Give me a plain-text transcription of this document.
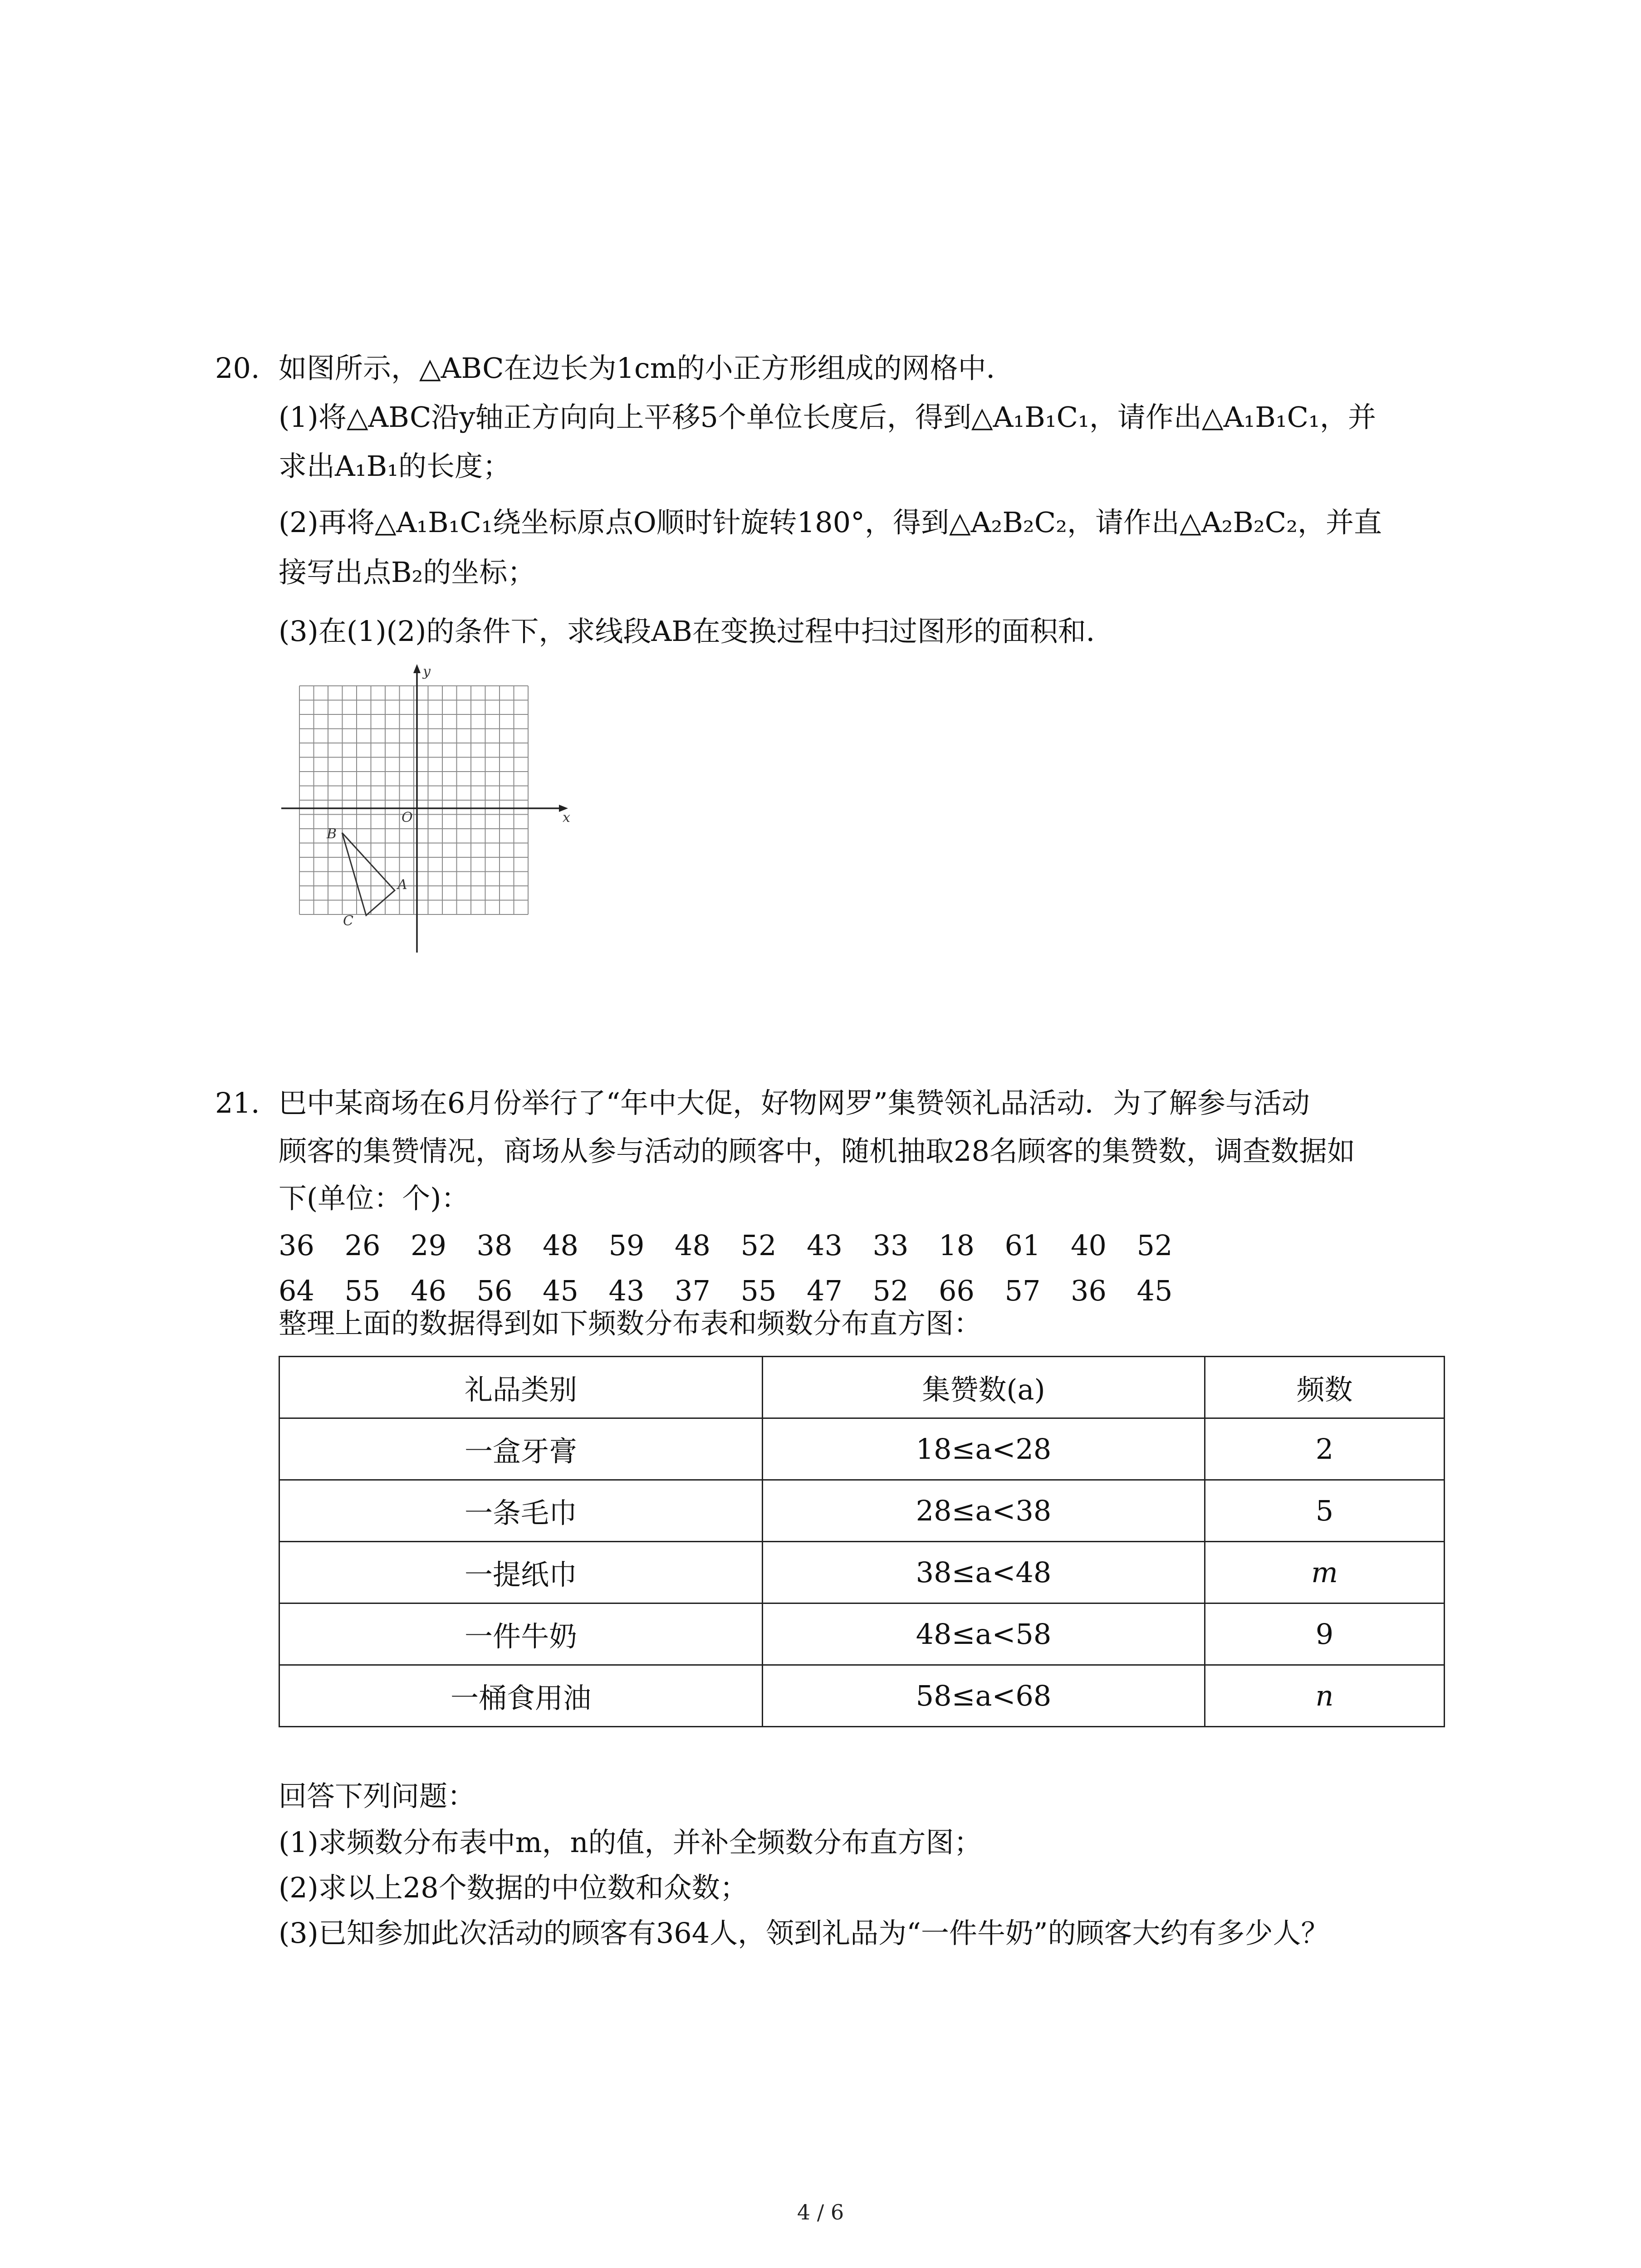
20. 如图所示，△ABC在边长为1cm的小正方形组成的网格中．
(1)将△ABC沿y轴正方向向上平移5个单位长度后，得到△A₁B₁C₁，请作出△A₁B₁C₁，并
求出A₁B₁的长度；
(2)再将△A₁B₁C₁绕坐标原点O顺时针旋转180°，得到△A₂B₂C₂，请作出△A₂B₂C₂，并直
接写出点B₂的坐标；
(3)在(1)(2)的条件下，求线段AB在变换过程中扫过图形的面积和．
y
x
O
A
B
C
21. 巴中某商场在6月份举行了“年中大促，好物网罗”集赞领礼品活动．为了解参与活动
顾客的集赞情况，商场从参与活动的顾客中，随机抽取28名顾客的集赞数，调查数据如
下(单位：个)：
36 26 29 38 48 59 48 52 43 33 18 61 40 52
64 55 46 56 45 43 37 55 47 52 66 57 36 45
整理上面的数据得到如下频数分布表和频数分布直方图：
礼品类别	集赞数(a)	频数
一盒牙膏	18≤a<28	2
一条毛巾	28≤a<38	5
一提纸巾	38≤a<48	m
一件牛奶	48≤a<58	9
一桶食用油	58≤a<68	n
回答下列问题：
(1)求频数分布表中m，n的值，并补全频数分布直方图；
(2)求以上28个数据的中位数和众数；
(3)已知参加此次活动的顾客有364人，领到礼品为“一件牛奶”的顾客大约有多少人？
4 / 6
